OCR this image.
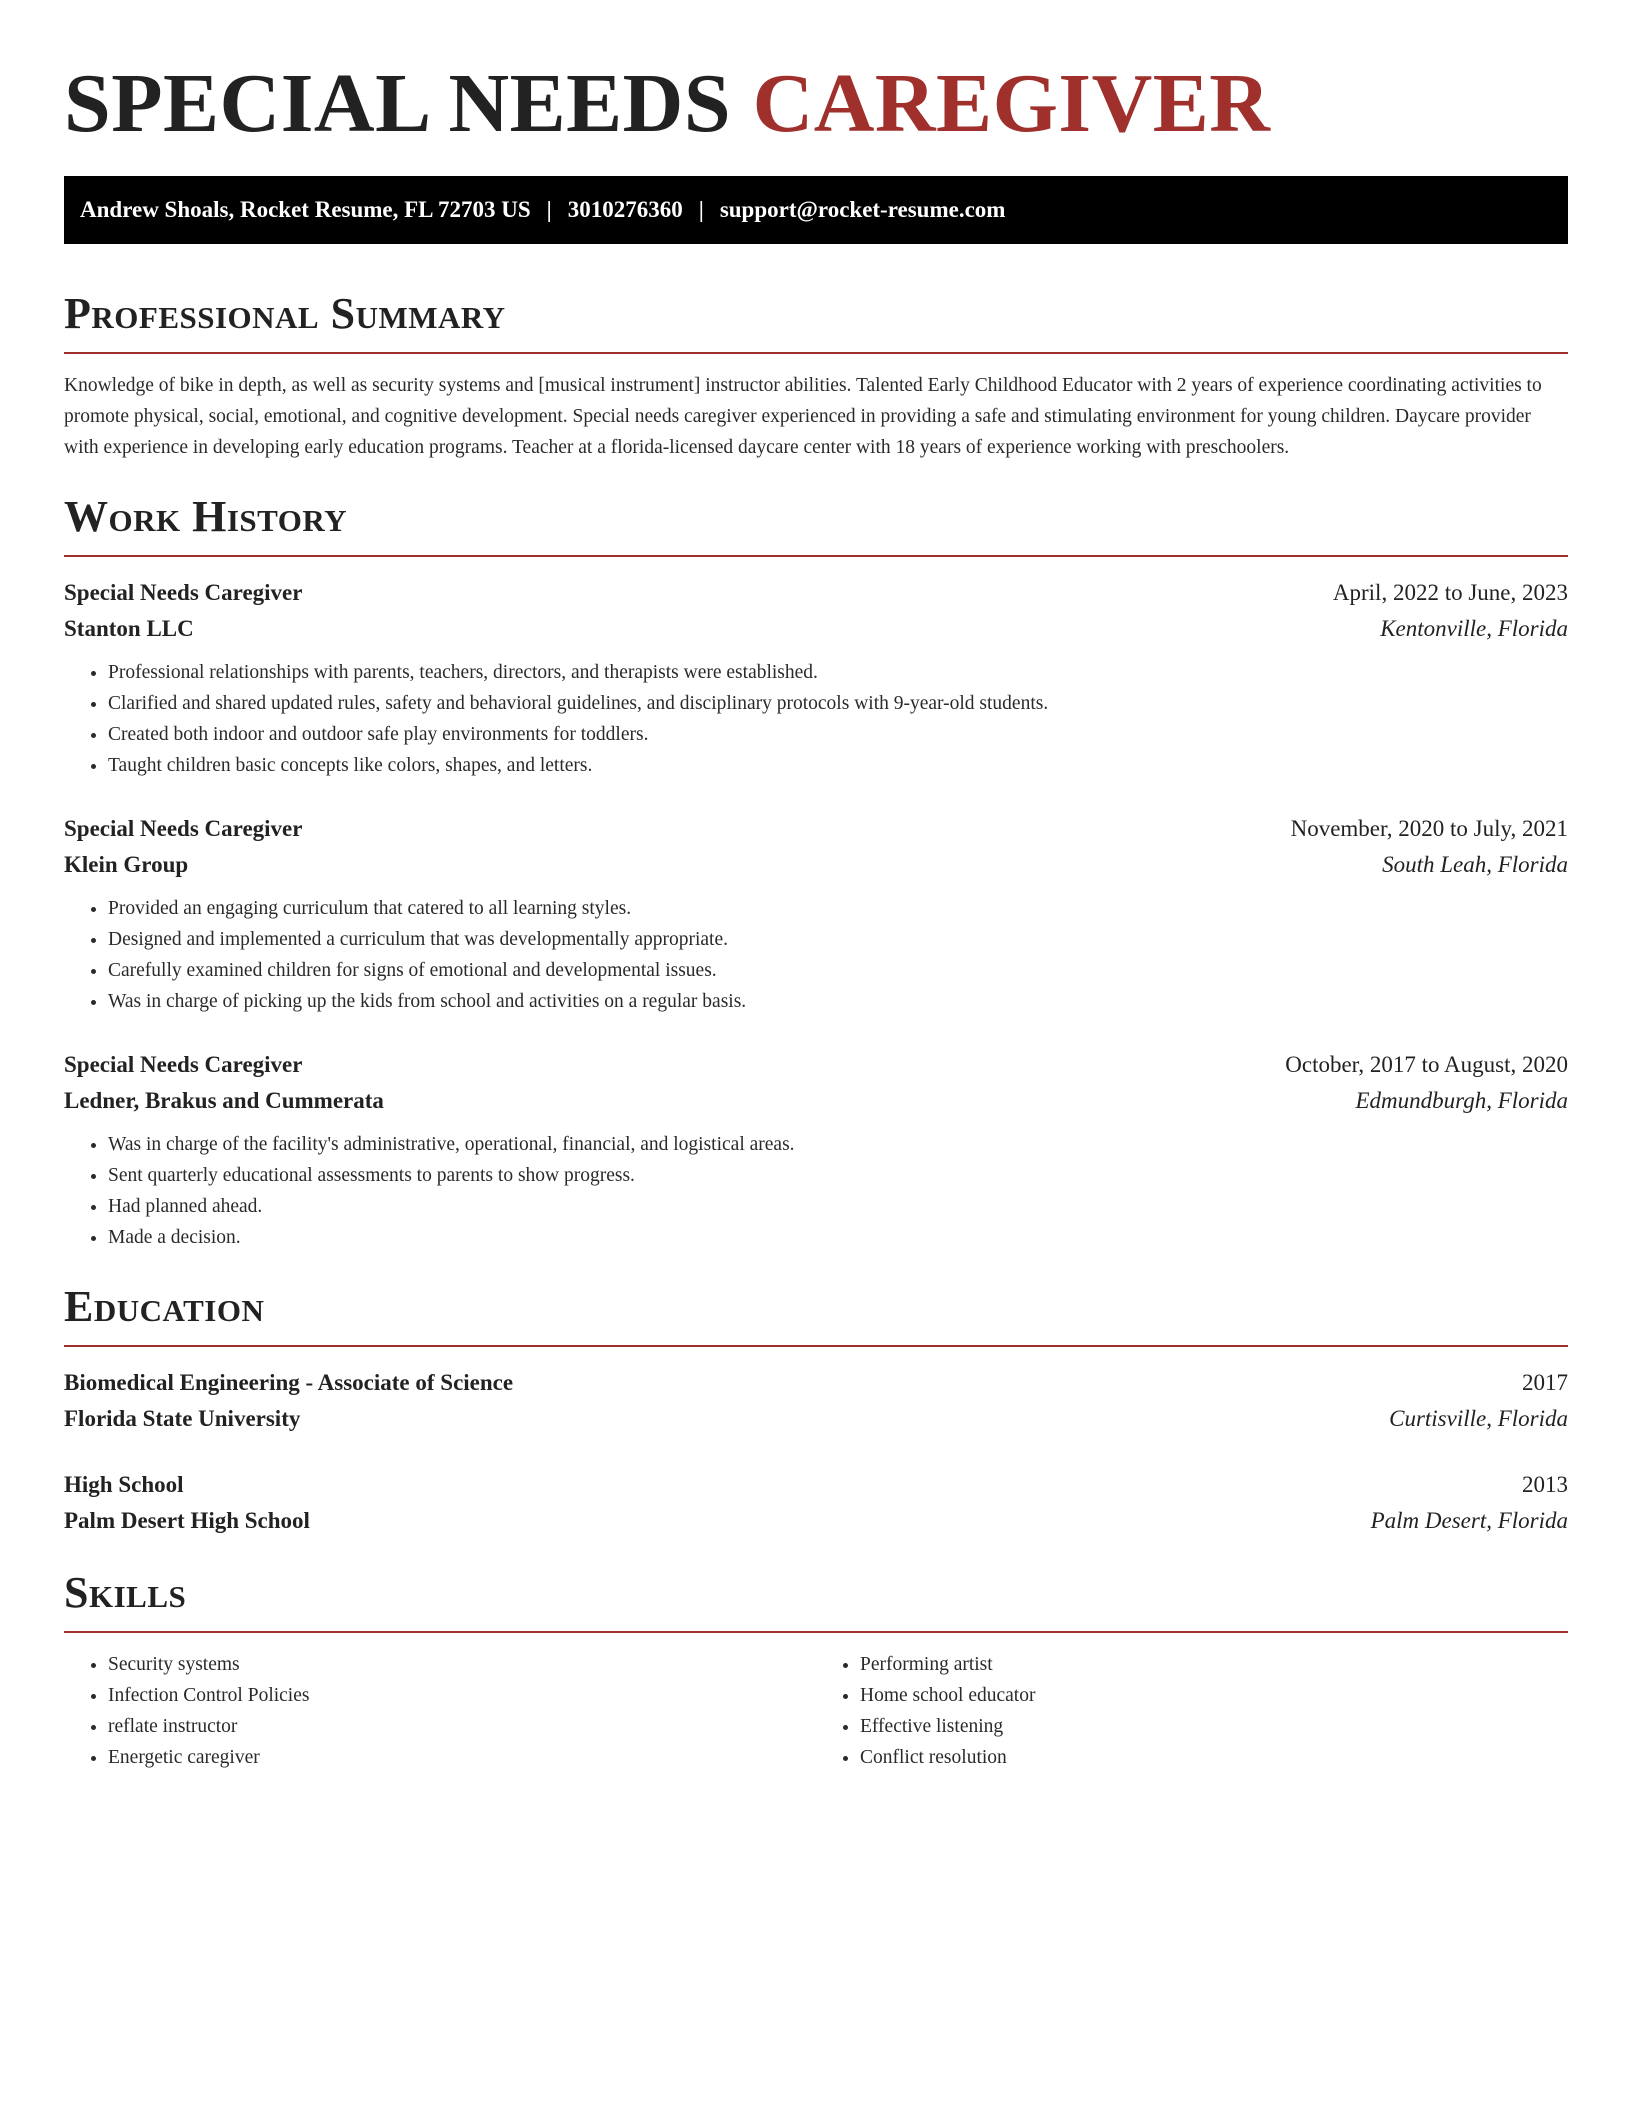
SPECIAL NEEDS CAREGIVER
Andrew Shoals, Rocket Resume, FL 72703 US | 3010276360 | support@rocket-resume.com
Professional Summary

Knowledge of bike in depth, as well as security systems and [musical instrument] instructor abilities. Talented Early Childhood Educator with 2 years of experience coordinating activities to promote physical, social, emotional, and cognitive development. Special needs caregiver experienced in providing a safe and stimulating environment for young children. Daycare provider with experience in developing early education programs. Teacher at a florida-licensed daycare center with 18 years of experience working with preschoolers.

Work History
Special Needs Caregiver	April, 2022 to June, 2023
Stanton LLC	Kentonville, Florida
• Professional relationships with parents, teachers, directors, and therapists were established.
• Clarified and shared updated rules, safety and behavioral guidelines, and disciplinary protocols with 9-year-old students.
• Created both indoor and outdoor safe play environments for toddlers.
• Taught children basic concepts like colors, shapes, and letters.
Special Needs Caregiver	November, 2020 to July, 2021
Klein Group	South Leah, Florida
• Provided an engaging curriculum that catered to all learning styles.
• Designed and implemented a curriculum that was developmentally appropriate.
• Carefully examined children for signs of emotional and developmental issues.
• Was in charge of picking up the kids from school and activities on a regular basis.
Special Needs Caregiver	October, 2017 to August, 2020
Ledner, Brakus and Cummerata	Edmundburgh, Florida
• Was in charge of the facility's administrative, operational, financial, and logistical areas.
• Sent quarterly educational assessments to parents to show progress.
• Had planned ahead.
• Made a decision.
Education
Biomedical Engineering - Associate of Science	2017
Florida State University	Curtisville, Florida
High School	2013
Palm Desert High School	Palm Desert, Florida
Skills
• Security systems
• Infection Control Policies
• reflate instructor
• Energetic caregiver
• Performing artist
• Home school educator
• Effective listening
• Conflict resolution
